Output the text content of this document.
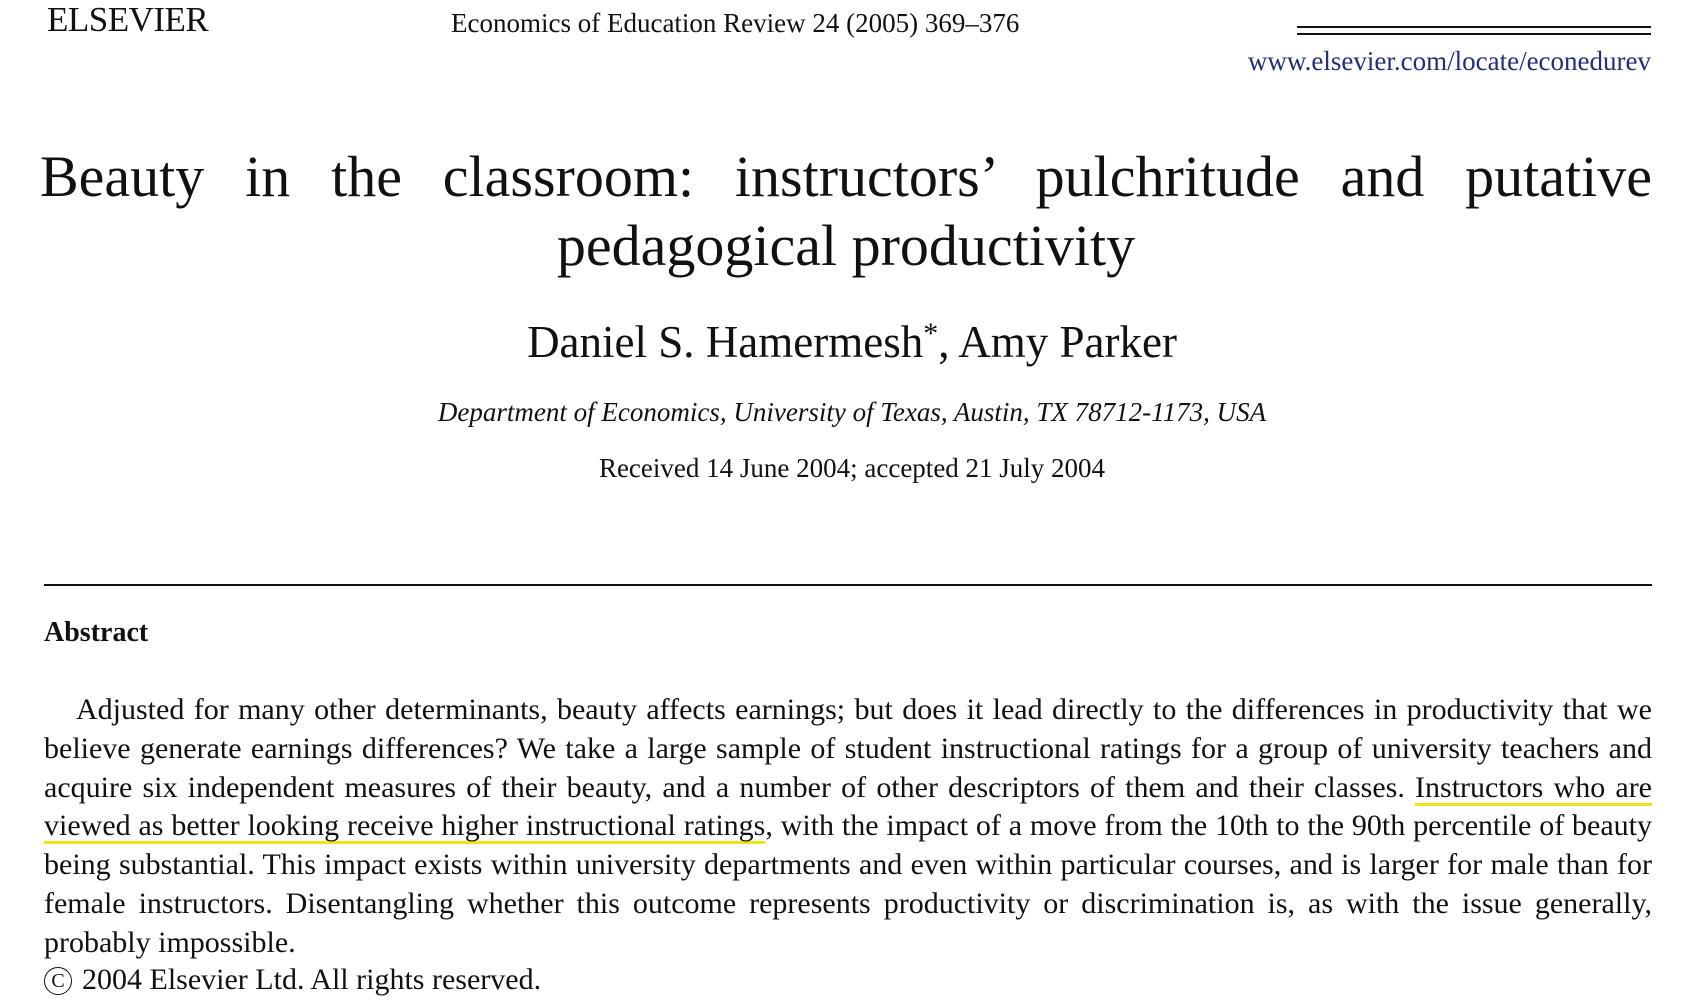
ELSEVIER	Economics of Education Review 24 (2005) 369–376
www.elsevier.com/locate/econedurev
Beauty in the classroom: instructors’ pulchritude and putative
pedagogical productivity
Daniel S. Hamermesh*, Amy Parker
Department of Economics, University of Texas, Austin, TX 78712-1173, USA
Received 14 June 2004; accepted 21 July 2004
Abstract

Adjusted for many other determinants, beauty affects earnings; but does it lead directly to the differences in productivity that we believe generate earnings differences? We take a large sample of student instructional ratings for a group of university teachers and acquire six independent measures of their beauty, and a number of other descriptors of them and their classes. Instructors who are viewed as better looking receive higher instructional ratings, with the impact of a move from the 10th to the 90th percentile of beauty being substantial. This impact exists within university departments and even within particular courses, and is larger for male than for female instructors. Disentangling whether this outcome represents productivity or discrimination is, as with the issue generally, probably impossible.

C 2004 Elsevier Ltd. All rights reserved.
